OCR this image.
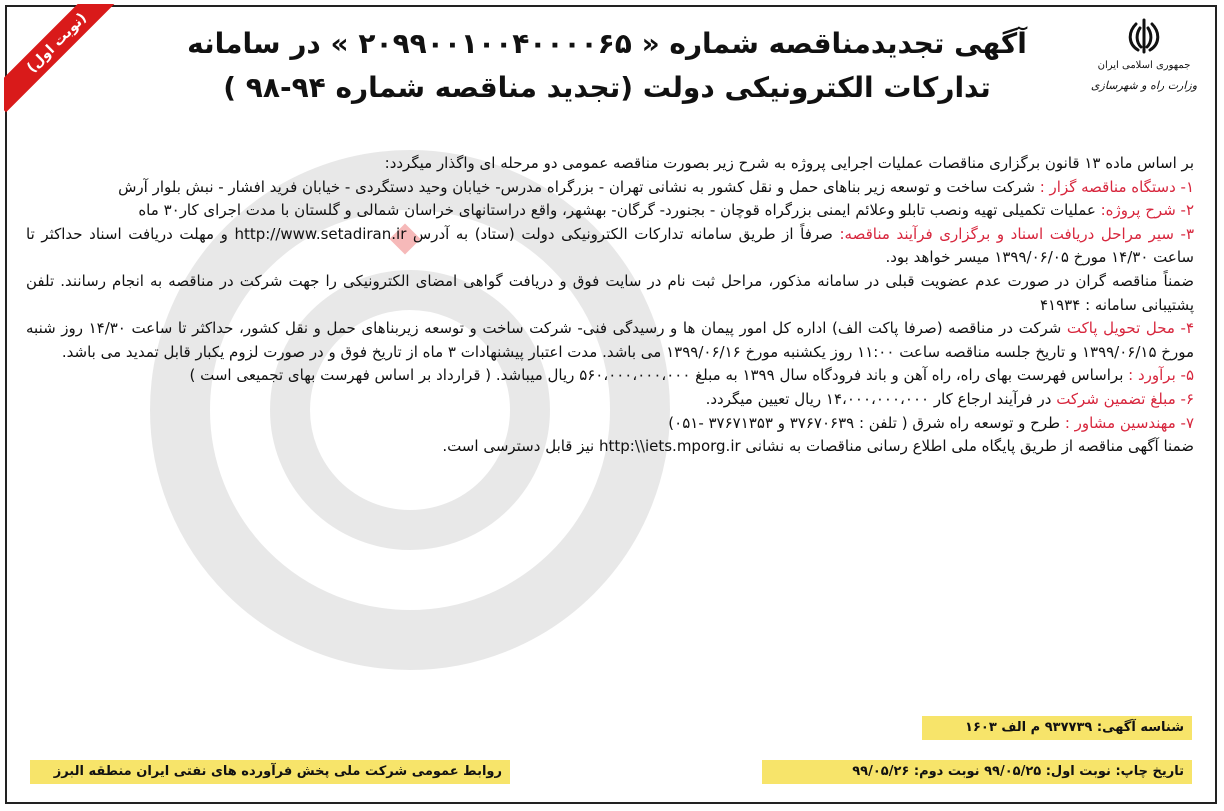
(نوبت اول)
جمهوری اسلامی ایران
وزارت راه و شهرسازی
آگهی تجدیدمناقصه شماره « ۲۰۹۹۰۰۱۰۰۴۰۰۰۰۶۵ » در سامانه
تدارکات الکترونیکی دولت (تجدید مناقصه شماره ۹۴-۹۸ )

بر اساس ماده ۱۳ قانون برگزاری مناقصات عملیات اجرایی پروژه به شرح زیر بصورت مناقصه عمومی دو مرحله ای واگذار میگردد:

۱- دستگاه مناقصه گزار : شرکت ساخت و توسعه زیر بناهای حمل و نقل کشور به نشانی تهران - بزرگراه مدرس- خیابان وحید دستگردی - خیابان فرید افشار - نبش بلوار آرش

۲- شرح پروژه: عملیات تکمیلی تهیه ونصب تابلو وعلائم ایمنی بزرگراه قوچان - بجنورد- گرگان- بهشهر، واقع دراستانهای خراسان شمالی و گلستان با مدت اجرای کار۳۰ ماه

۳- سیر مراحل دریافت اسناد و برگزاری فرآیند مناقصه: صرفاً از طریق سامانه تدارکات الکترونیکی دولت (ستاد) به آدرس http://www.setadiran.ir و مهلت دریافت اسناد حداکثر تا ساعت ۱۴/۳۰ مورخ ۱۳۹۹/۰۶/۰۵ میسر خواهد بود.

ضمناً مناقصه گران در صورت عدم عضویت قبلی در سامانه مذکور، مراحل ثبت نام در سایت فوق و دریافت گواهی امضای الکترونیکی را جهت شرکت در مناقصه به انجام رسانند. تلفن پشتیبانی سامانه : ۴۱۹۳۴

۴- محل تحویل پاکت شرکت در مناقصه (صرفا پاکت الف) اداره کل امور پیمان ها و رسیدگی فنی- شرکت ساخت و توسعه زیربناهای حمل و نقل کشور، حداکثر تا ساعت ۱۴/۳۰ روز شنبه مورخ ۱۳۹۹/۰۶/۱۵ و تاریخ جلسه مناقصه ساعت ۱۱:۰۰ روز یکشنبه مورخ ۱۳۹۹/۰۶/۱۶ می باشد. مدت اعتبار پیشنهادات ۳ ماه از تاریخ فوق و در صورت لزوم یکبار قابل تمدید می باشد.

۵- برآورد : براساس فهرست بهای راه، راه آهن و باند فرودگاه سال ۱۳۹۹ به مبلغ ۵۶۰،۰۰۰،۰۰۰،۰۰۰ ریال میباشد. ( قرارداد بر اساس فهرست بهای تجمیعی است )

۶- مبلغ تضمین شرکت در فرآیند ارجاع کار ۱۴،۰۰۰،۰۰۰،۰۰۰ ریال تعیین میگردد.

۷- مهندسین مشاور : طرح و توسعه راه شرق ( تلفن : ۳۷۶۷۰۶۳۹ و ۳۷۶۷۱۳۵۳ -۰۵۱)

ضمنا آگهی مناقصه از طریق پایگاه ملی اطلاع رسانی مناقصات به نشانی http:\\iets.mporg.ir نیز قابل دسترسی است.

شناسه آگهی: ۹۳۷۷۳۹ م الف ۱۶۰۳
تاریخ چاپ: نوبت اول: ۹۹/۰۵/۲۵ نوبت دوم: ۹۹/۰۵/۲۶
روابط عمومی شرکت ملی پخش فرآورده های نفتی ایران منطقه البرز
